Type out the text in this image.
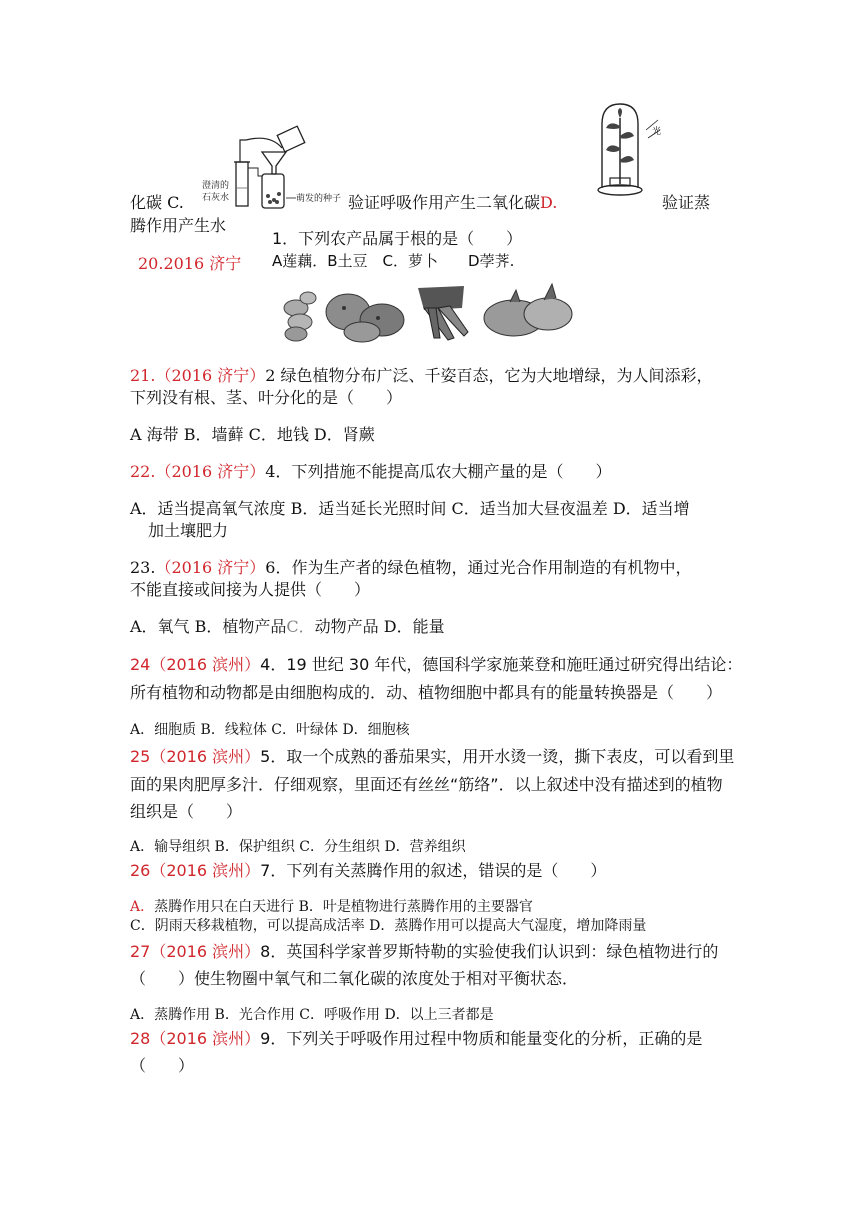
澄清的
石灰水	萌发的种子
光
化碳 C.	验证呼吸作用产生二氧化碳D.	验证蒸
腾作用产生水
1．下列农产品属于根的是（　　）
20.2016 济宁 A莲藕．B土豆　C．萝卜　　D荸荠.
21.（2016 济宁）2 绿色植物分布广泛、千姿百态，它为大地增绿，为人间添彩，
下列没有根、茎、叶分化的是（　　）
A 海带 B．墙藓 C．地钱 D．肾蕨
22.（2016 济宁）4．下列措施不能提高瓜农大棚产量的是（　　）
A．适当提高氧气浓度 B．适当延长光照时间 C．适当加大昼夜温差 D．适当增
加土壤肥力
23.（2016 济宁）6．作为生产者的绿色植物，通过光合作用制造的有机物中，
不能直接或间接为人提供（　　）
A．氧气 B．植物产品C．动物产品 D．能量
24（2016 滨州）4．19 世纪 30 年代，德国科学家施莱登和施旺通过研究得出结论：
所有植物和动物都是由细胞构成的．动、植物细胞中都具有的能量转换器是（　　）
A．细胞质 B．线粒体 C．叶绿体 D．细胞核
25（2016 滨州）5．取一个成熟的番茄果实，用开水烫一烫，撕下表皮，可以看到里
面的果肉肥厚多汁．仔细观察，里面还有丝丝“筋络”．以上叙述中没有描述到的植物
组织是（　　）
A．输导组织 B．保护组织 C．分生组织 D．营养组织
26（2016 滨州）7．下列有关蒸腾作用的叙述，错误的是（　　）
A．蒸腾作用只在白天进行 B．叶是植物进行蒸腾作用的主要器官
C．阴雨天移栽植物，可以提高成活率 D．蒸腾作用可以提高大气湿度，增加降雨量
27（2016 滨州）8．英国科学家普罗斯特勒的实验使我们认识到：绿色植物进行的
（　　）使生物圈中氧气和二氧化碳的浓度处于相对平衡状态．
A．蒸腾作用 B．光合作用 C．呼吸作用 D．以上三者都是
28（2016 滨州）9．下列关于呼吸作用过程中物质和能量变化的分析，正确的是
（　　）
